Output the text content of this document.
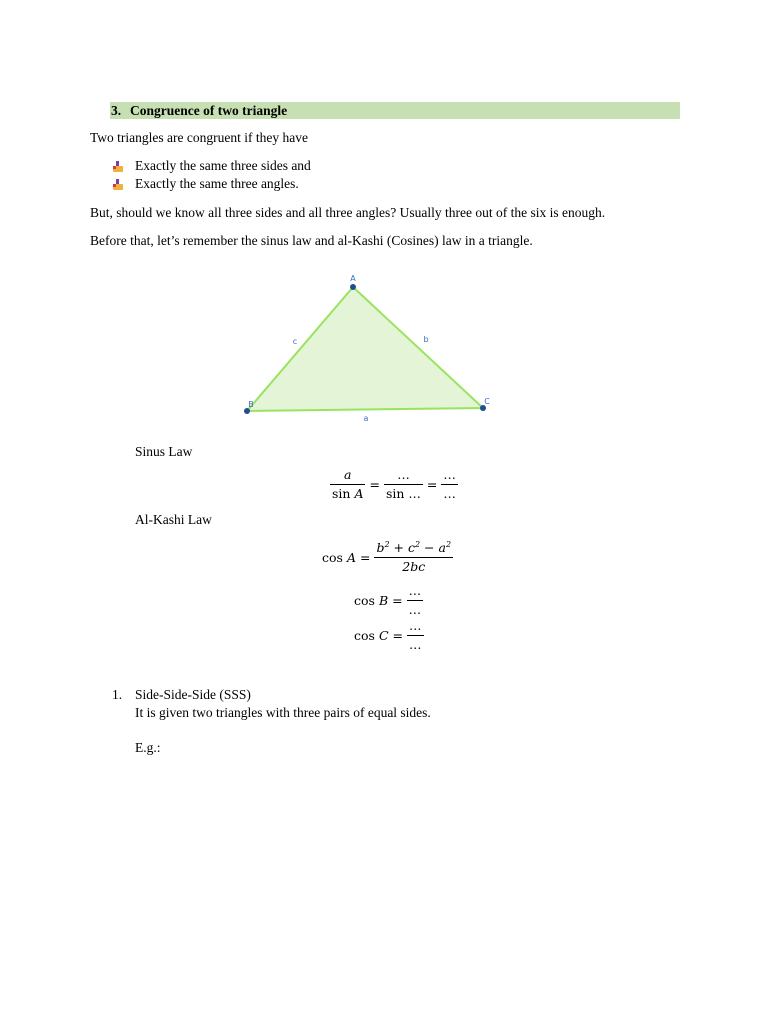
3. Congruence of two triangle
Two triangles are congruent if they have
Exactly the same three sides and
Exactly the same three angles.
But, should we know all three sides and all three angles? Usually three out of the six is enough.
Before that, let’s remember the sinus law and al-Kashi (Cosines) law in a triangle.
A
B	C
c	b
a
Sinus Law
$\frac{a}{\text{sin A}} = \frac{\dots}{\sin \dots} = \frac{\dots}{\dots}$
Al-Kashi Law
$\cos A = \frac{b^2 + c^2 - a^2}{2bc}$
$\cos B = \frac{\dots}{\dots}$
$\cos C = \frac{\dots}{\dots}$
1. Side-Side-Side (SSS)
It is given two triangles with three pairs of equal sides.
E.g.:
